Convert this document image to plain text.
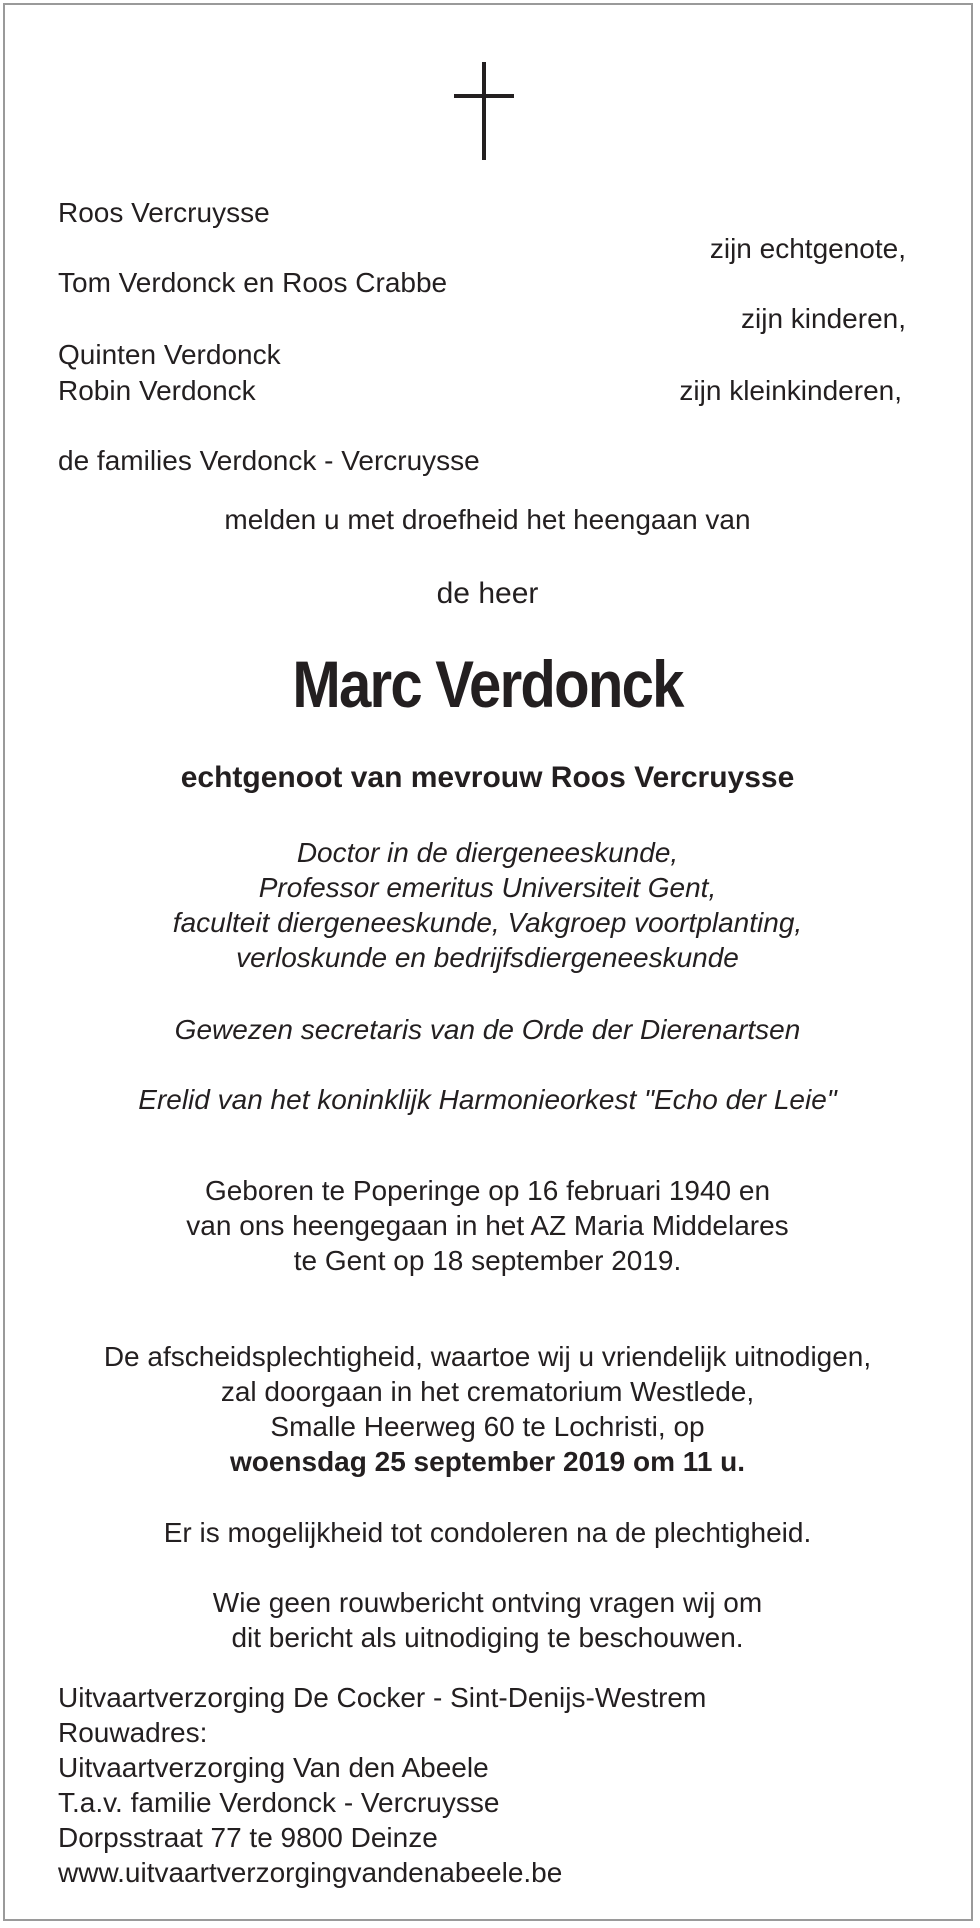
Roos Vercruysse
zijn echtgenote,
Tom Verdonck en Roos Crabbe
zijn kinderen,
Quinten Verdonck
Robin Verdonck	zijn kleinkinderen,
de families Verdonck - Vercruysse
melden u met droefheid het heengaan van
de heer
Marc Verdonck
echtgenoot van mevrouw Roos Vercruysse
Doctor in de diergeneeskunde,
Professor emeritus Universiteit Gent,
faculteit diergeneeskunde, Vakgroep voortplanting,
verloskunde en bedrijfsdiergeneeskunde
Gewezen secretaris van de Orde der Dierenartsen
Erelid van het koninklijk Harmonieorkest "Echo der Leie"
Geboren te Poperinge op 16 februari 1940 en
van ons heengegaan in het AZ Maria Middelares
te Gent op 18 september 2019.
De afscheidsplechtigheid, waartoe wij u vriendelijk uitnodigen,
zal doorgaan in het crematorium Westlede,
Smalle Heerweg 60 te Lochristi, op
woensdag 25 september 2019 om 11 u.
Er is mogelijkheid tot condoleren na de plechtigheid.
Wie geen rouwbericht ontving vragen wij om
dit bericht als uitnodiging te beschouwen.
Uitvaartverzorging De Cocker - Sint-Denijs-Westrem
Rouwadres:
Uitvaartverzorging Van den Abeele
T.a.v. familie Verdonck - Vercruysse
Dorpsstraat 77 te 9800 Deinze
www.uitvaartverzorgingvandenabeele.be
